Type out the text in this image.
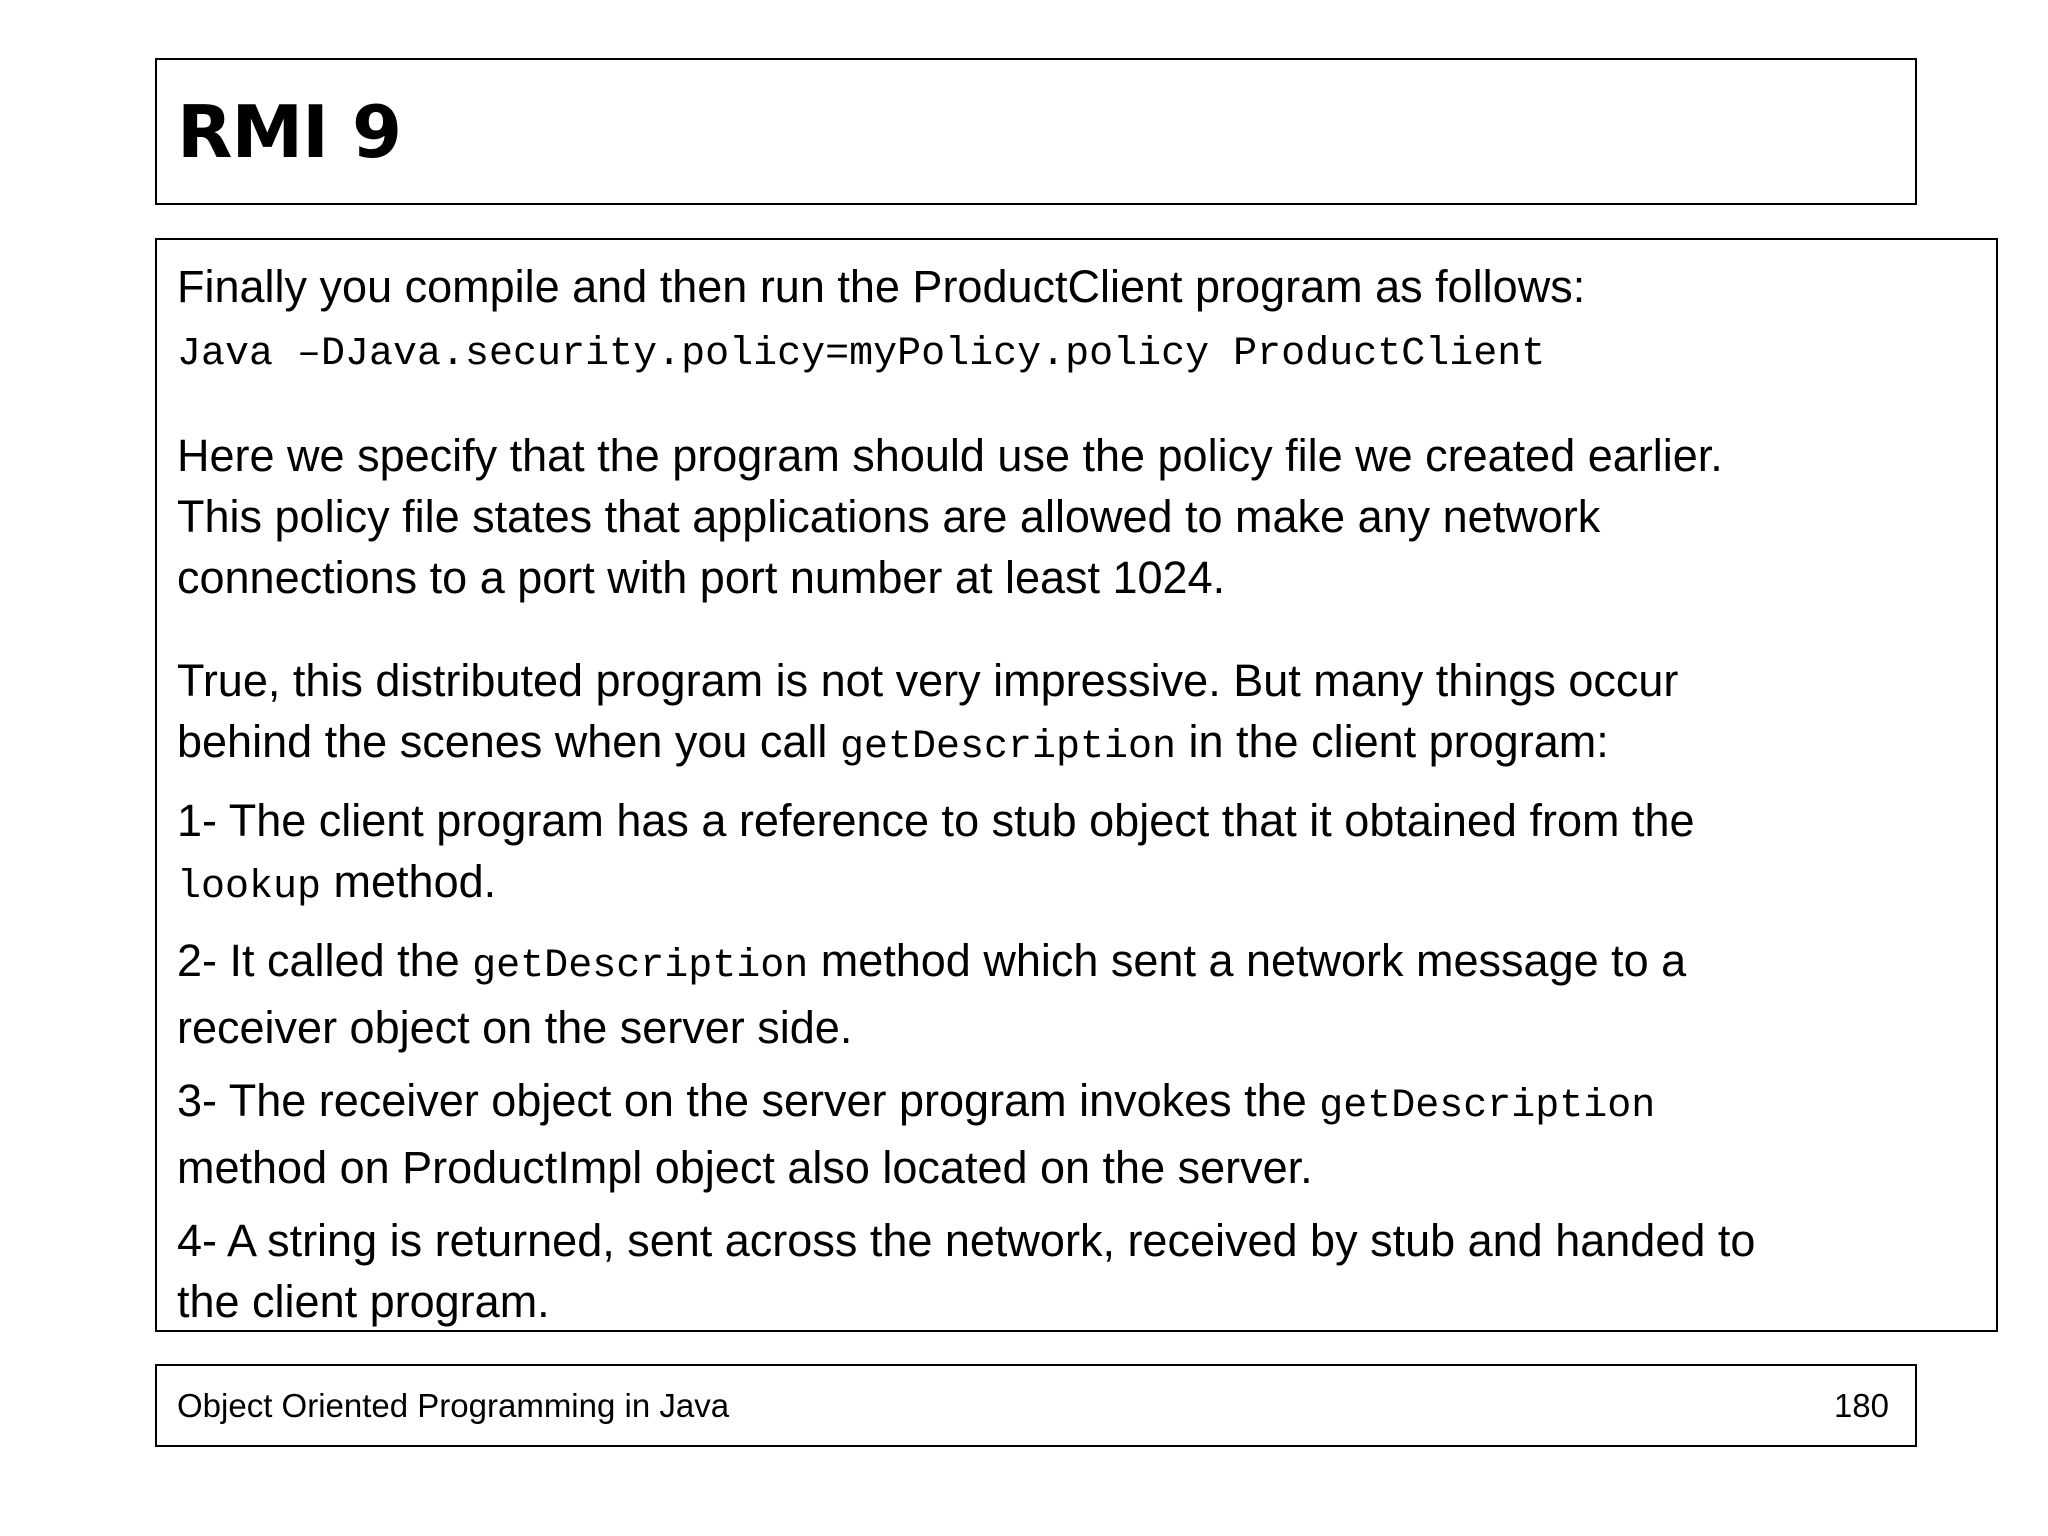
RMI 9

Finally you compile and then run the ProductClient program as follows:

Java –DJava.security.policy=myPolicy.policy ProductClient

Here we specify that the program should use the policy file we created earlier.

This policy file states that applications are allowed to make any network

connections to a port with port number at least 1024.

True, this distributed program is not very impressive. But many things occur

behind the scenes when you call getDescription in the client program:

1- The client program has a reference to stub object that it obtained from the

lookup method.

2- It called the getDescription method which sent a network message to a

receiver object on the server side.

3- The receiver object on the server program invokes the getDescription

method on ProductImpl object also located on the server.

4- A string is returned, sent across the network, received by stub and handed to

the client program.

Object Oriented Programming in Java	180
